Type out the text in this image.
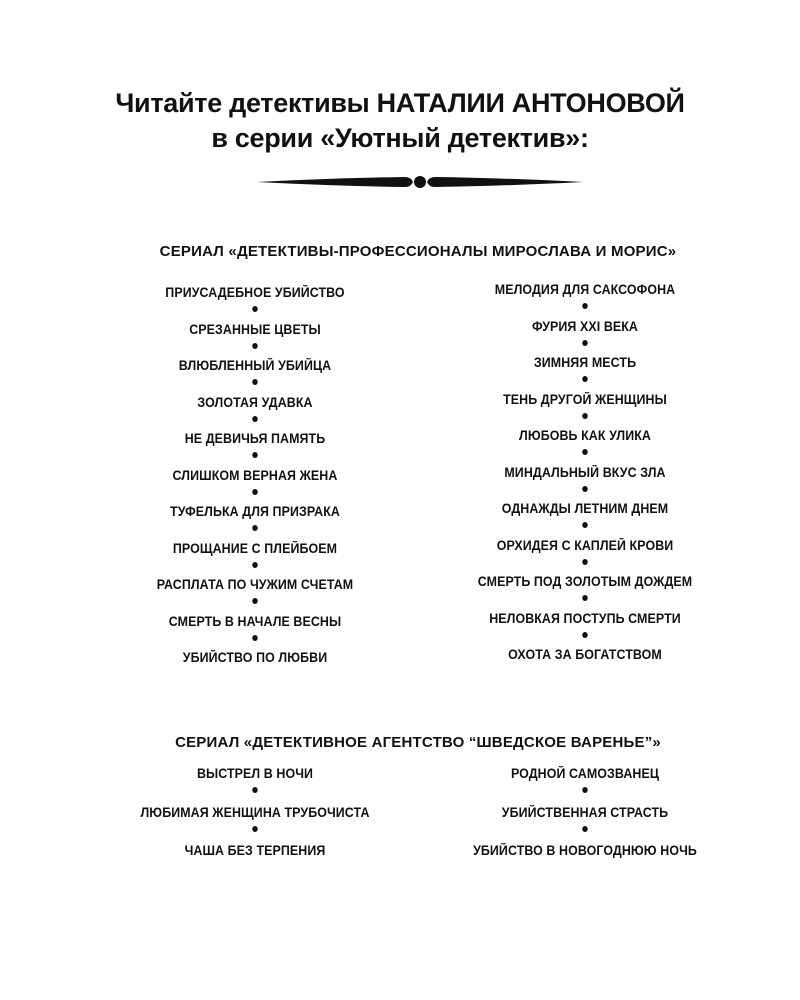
Читайте детективы НАТАЛИИ АНТОНОВОЙ
в серии «Уютный детектив»:
СЕРИАЛ «ДЕТЕКТИВЫ-ПРОФЕССИОНАЛЫ МИРОСЛАВА И МОРИС»
ПРИУСАДЕБНОЕ УБИЙСТВО
СРЕЗАННЫЕ ЦВЕТЫ
ВЛЮБЛЕННЫЙ УБИЙЦА
ЗОЛОТАЯ УДАВКА
НЕ ДЕВИЧЬЯ ПАМЯТЬ
СЛИШКОМ ВЕРНАЯ ЖЕНА
ТУФЕЛЬКА ДЛЯ ПРИЗРАКА
ПРОЩАНИЕ С ПЛЕЙБОЕМ
РАСПЛАТА ПО ЧУЖИМ СЧЕТАМ
СМЕРТЬ В НАЧАЛЕ ВЕСНЫ
УБИЙСТВО ПО ЛЮБВИ
МЕЛОДИЯ ДЛЯ САКСОФОНА
ФУРИЯ XXI ВЕКА
ЗИМНЯЯ МЕСТЬ
ТЕНЬ ДРУГОЙ ЖЕНЩИНЫ
ЛЮБОВЬ КАК УЛИКА
МИНДАЛЬНЫЙ ВКУС ЗЛА
ОДНАЖДЫ ЛЕТНИМ ДНЕМ
ОРХИДЕЯ С КАПЛЕЙ КРОВИ
СМЕРТЬ ПОД ЗОЛОТЫМ ДОЖДЕМ
НЕЛОВКАЯ ПОСТУПЬ СМЕРТИ
ОХОТА ЗА БОГАТСТВОМ
СЕРИАЛ «ДЕТЕКТИВНОЕ АГЕНТСТВО “ШВЕДСКОЕ ВАРЕНЬЕ”»
ВЫСТРЕЛ В НОЧИ
ЛЮБИМАЯ ЖЕНЩИНА ТРУБОЧИСТА
ЧАША БЕЗ ТЕРПЕНИЯ
РОДНОЙ САМОЗВАНЕЦ
УБИЙСТВЕННАЯ СТРАСТЬ
УБИЙСТВО В НОВОГОДНЮЮ НОЧЬ
